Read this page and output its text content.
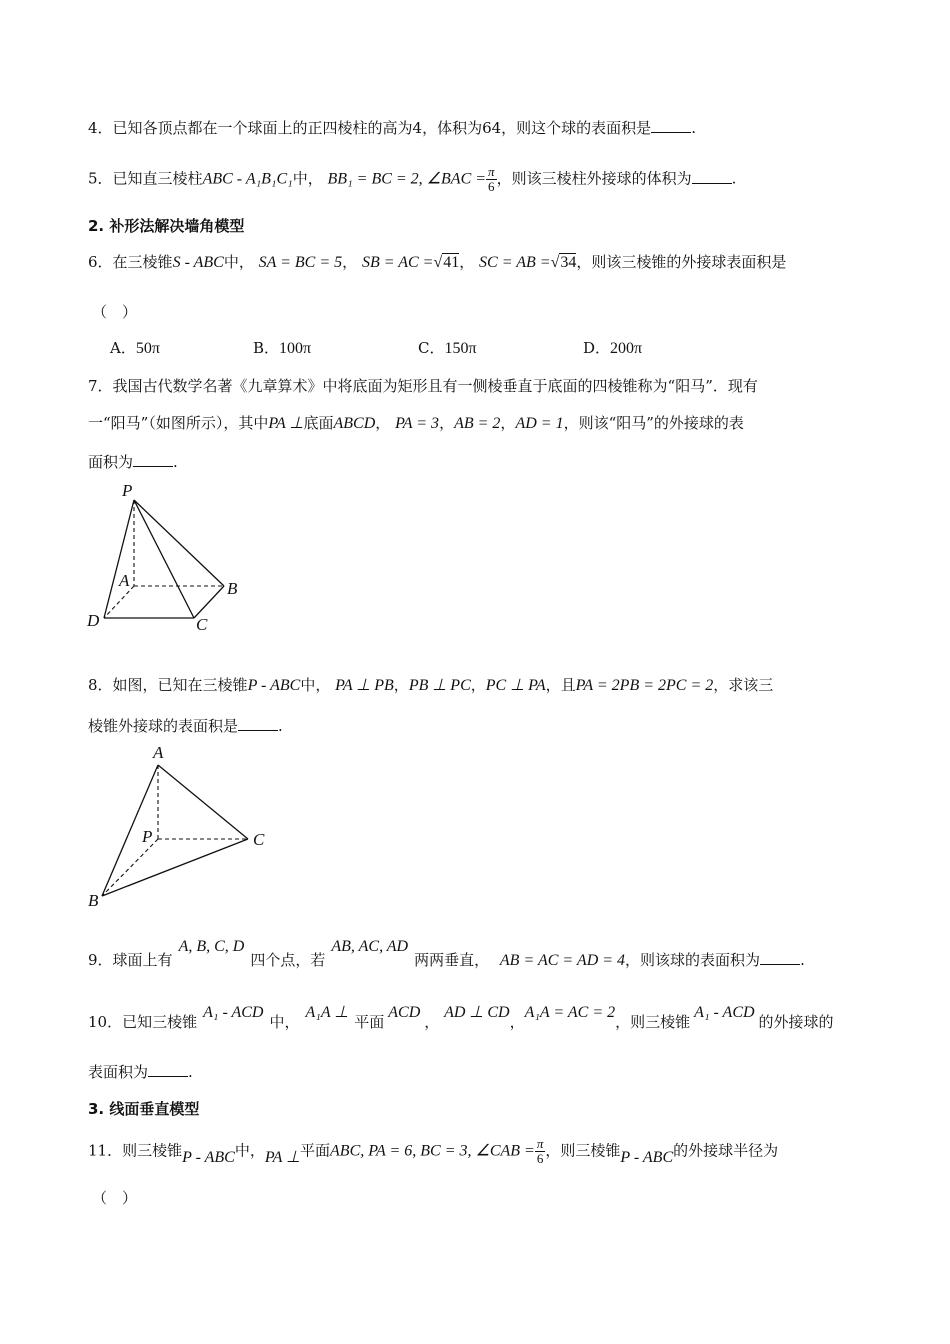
4．已知各顶点都在一个球面上的正四棱柱的高为4，体积为64，则这个球的表面积是	.
5．已知直三棱柱ABC - A₁B₁C₁中， BB₁ = BC = 2, ∠BAC = $\frac{\pi}{6}$ ，则该三棱柱外接球的体积为	.
2. 补形法解决墙角模型
6．在三棱锥S - ABC中， SA = BC = 5， SB = AC =√41， SC = AB =√34，则该三棱锥的外接球表面积是
（　）
A．50π	B．100π	C．150π	D．200π
7．我国古代数学名著《九章算术》中将底面为矩形且有一侧棱垂直于底面的四棱锥称为“阳马”．现有
一“阳马”（如图所示），其中PA ⊥底面ABCD， PA = 3，AB = 2，AD = 1，则该“阳马”的外接球的表
面积为	.
P
A	B
C
D
8．如图，已知在三棱锥P - ABC中， PA ⊥ PB，PB ⊥ PC，PC ⊥ PA，且PA = 2PB = 2PC = 2，求该三
棱锥外接球的表面积是	.
A
P	C
B
9．球面上有A, B, C, D四个点，若AB, AC, AD两两垂直， AB = AC = AD = 4，则该球的表面积为	.
10．已知三棱锥A₁ - ACD中，A₁A ⊥平面ACD， AD ⊥ CD，A₁A = AC = 2，则三棱锥A₁ - ACD的外接球的
表面积为	.
3. 线面垂直模型
11．则三棱锥P - ABC中，PA ⊥平面ABC, PA = 6, BC = 3, ∠CAB = $\frac{\pi}{6}$ ，则三棱锥P - ABC的外接球半径为
（　）
